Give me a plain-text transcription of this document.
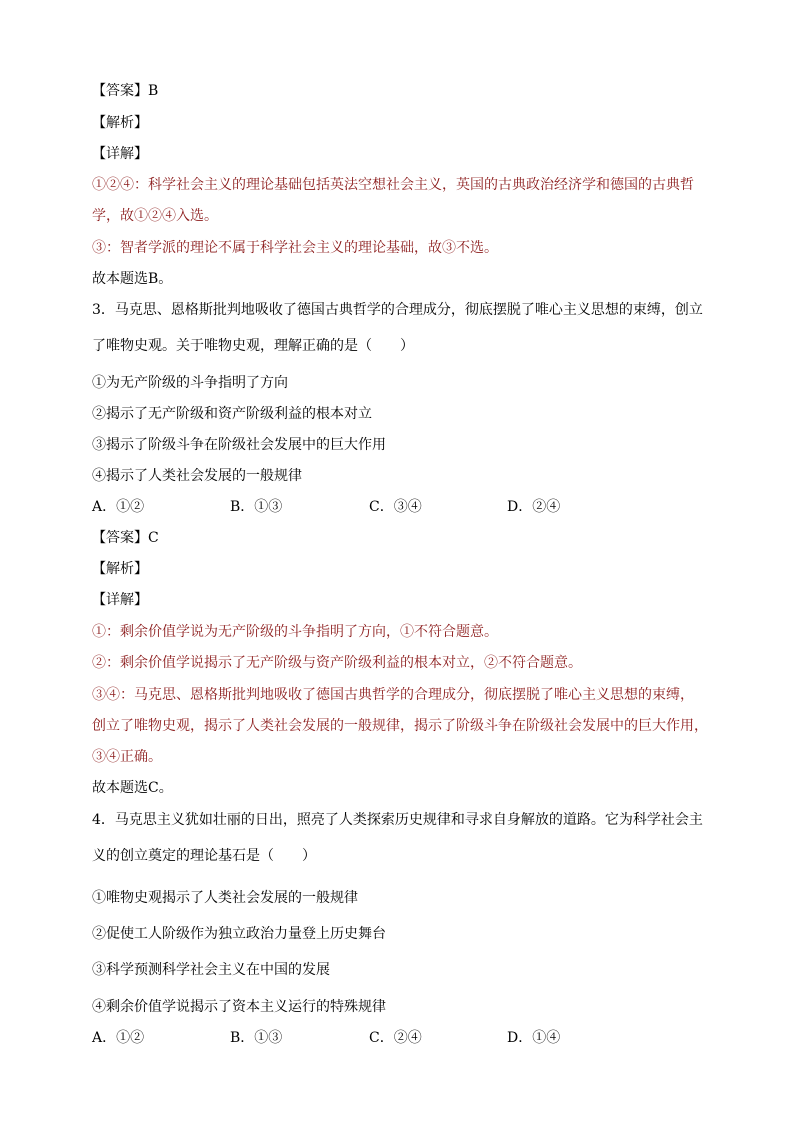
【答案】B
【解析】
【详解】
①②④：科学社会主义的理论基础包括英法空想社会主义，英国的古典政治经济学和德国的古典哲
学，故①②④入选。
③：智者学派的理论不属于科学社会主义的理论基础，故③不选。
故本题选B。
3．马克思、恩格斯批判地吸收了德国古典哲学的合理成分，彻底摆脱了唯心主义思想的束缚，创立
了唯物史观。关于唯物史观，理解正确的是（　　）
①为无产阶级的斗争指明了方向
②揭示了无产阶级和资产阶级利益的根本对立
③揭示了阶级斗争在阶级社会发展中的巨大作用
④揭示了人类社会发展的一般规律
A．①②	B．①③	C．③④	D．②④
【答案】C
【解析】
【详解】
①：剩余价值学说为无产阶级的斗争指明了方向，①不符合题意。
②：剩余价值学说揭示了无产阶级与资产阶级利益的根本对立，②不符合题意。
③④：马克思、恩格斯批判地吸收了德国古典哲学的合理成分，彻底摆脱了唯心主义思想的束缚，
创立了唯物史观，揭示了人类社会发展的一般规律，揭示了阶级斗争在阶级社会发展中的巨大作用，
③④正确。
故本题选C。
4．马克思主义犹如壮丽的日出，照亮了人类探索历史规律和寻求自身解放的道路。它为科学社会主
义的创立奠定的理论基石是（　　）
①唯物史观揭示了人类社会发展的一般规律
②促使工人阶级作为独立政治力量登上历史舞台
③科学预测科学社会主义在中国的发展
④剩余价值学说揭示了资本主义运行的特殊规律
A．①②	B．①③	C．②④	D．①④
